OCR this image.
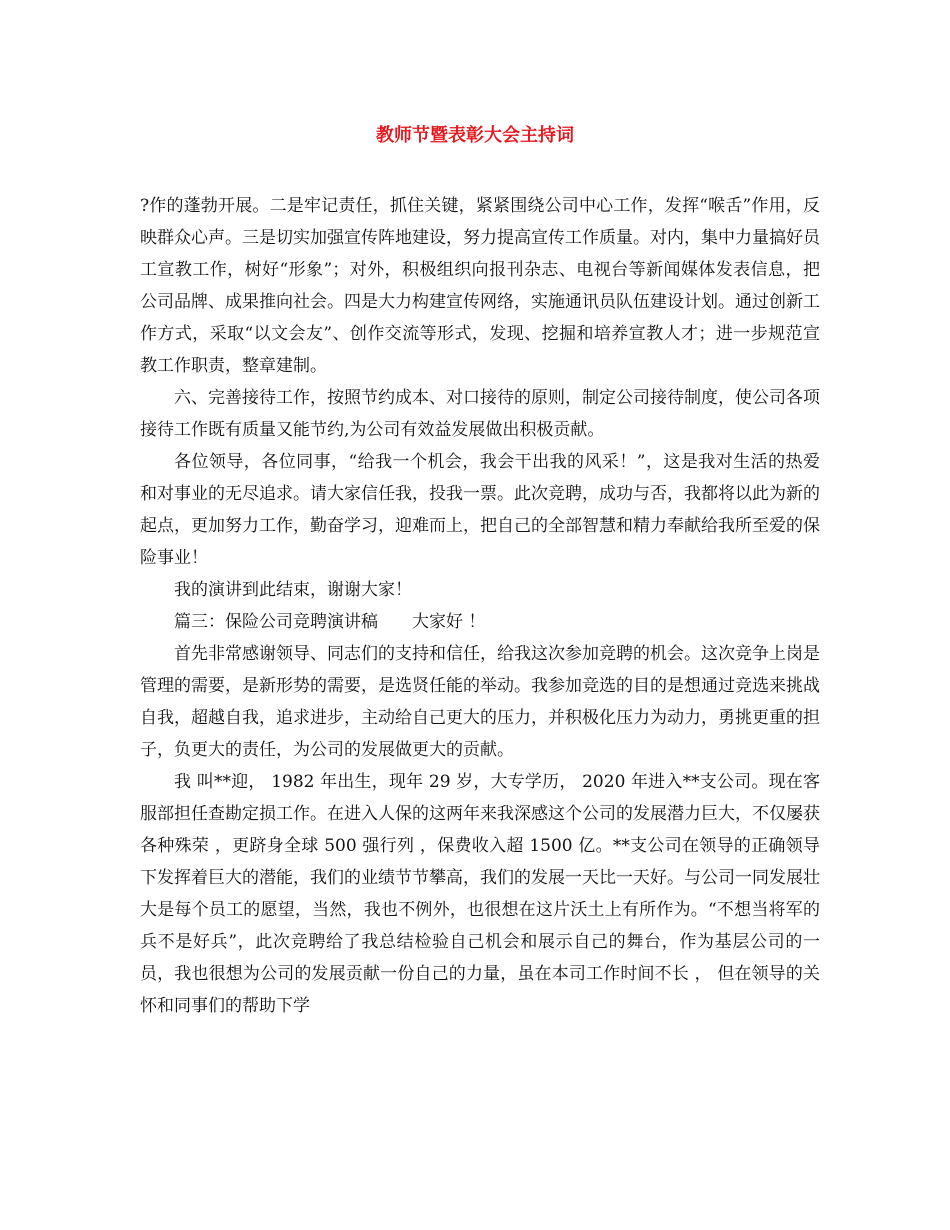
教师节暨表彰大会主持词

?作的蓬勃开展。二是牢记责任，抓住关键，紧紧围绕公司中心工作，发挥“喉舌”作用，反映群众心声。三是切实加强宣传阵地建设，努力提高宣传工作质量。对内，集中力量搞好员工宣教工作，树好“形象”；对外，积极组织向报刊杂志、电视台等新闻媒体发表信息，把公司品牌、成果推向社会。四是大力构建宣传网络，实施通讯员队伍建设计划。通过创新工作方式，采取“以文会友”、创作交流等形式，发现、挖掘和培养宣教人才；进一步规范宣教工作职责，整章建制。

六、完善接待工作，按照节约成本、对口接待的原则，制定公司接待制度，使公司各项接待工作既有质量又能节约,为公司有效益发展做出积极贡献。

各位领导，各位同事，“给我一个机会，我会干出我的风采！”，这是我对生活的热爱和对事业的无尽追求。请大家信任我，投我一票。此次竞聘，成功与否，我都将以此为新的起点，更加努力工作，勤奋学习，迎难而上，把自己的全部智慧和精力奉献给我所至爱的保险事业！

我的演讲到此结束，谢谢大家！

篇三：保险公司竞聘演讲稿　　大家好 ！

首先非常感谢领导、同志们的支持和信任，给我这次参加竞聘的机会。这次竞争上岗是管理的需要，是新形势的需要，是选贤任能的举动。我参加竞选的目的是想通过竞选来挑战自我，超越自我，追求进步，主动给自己更大的压力，并积极化压力为动力，勇挑更重的担子，负更大的责任，为公司的发展做更大的贡献。

我 叫**迎， 1982 年出生，现年 29 岁，大专学历， 2020 年进入**支公司。现在客服部担任查勘定损工作。在进入人保的这两年来我深感这个公司的发展潜力巨大，不仅屡获各种殊荣 ，更跻身全球 500 强行列 ，保费收入超 1500 亿。**支公司在领导的正确领导下发挥着巨大的潜能，我们的业绩节节攀高，我们的发展一天比一天好。与公司一同发展壮大是每个员工的愿望，当然，我也不例外，也很想在这片沃土上有所作为。“不想当将军的兵不是好兵”，此次竞聘给了我总结检验自己机会和展示自己的舞台，作为基层公司的一员，我也很想为公司的发展贡献一份自己的力量，虽在本司工作时间不长 ， 但在领导的关怀和同事们的帮助下学
